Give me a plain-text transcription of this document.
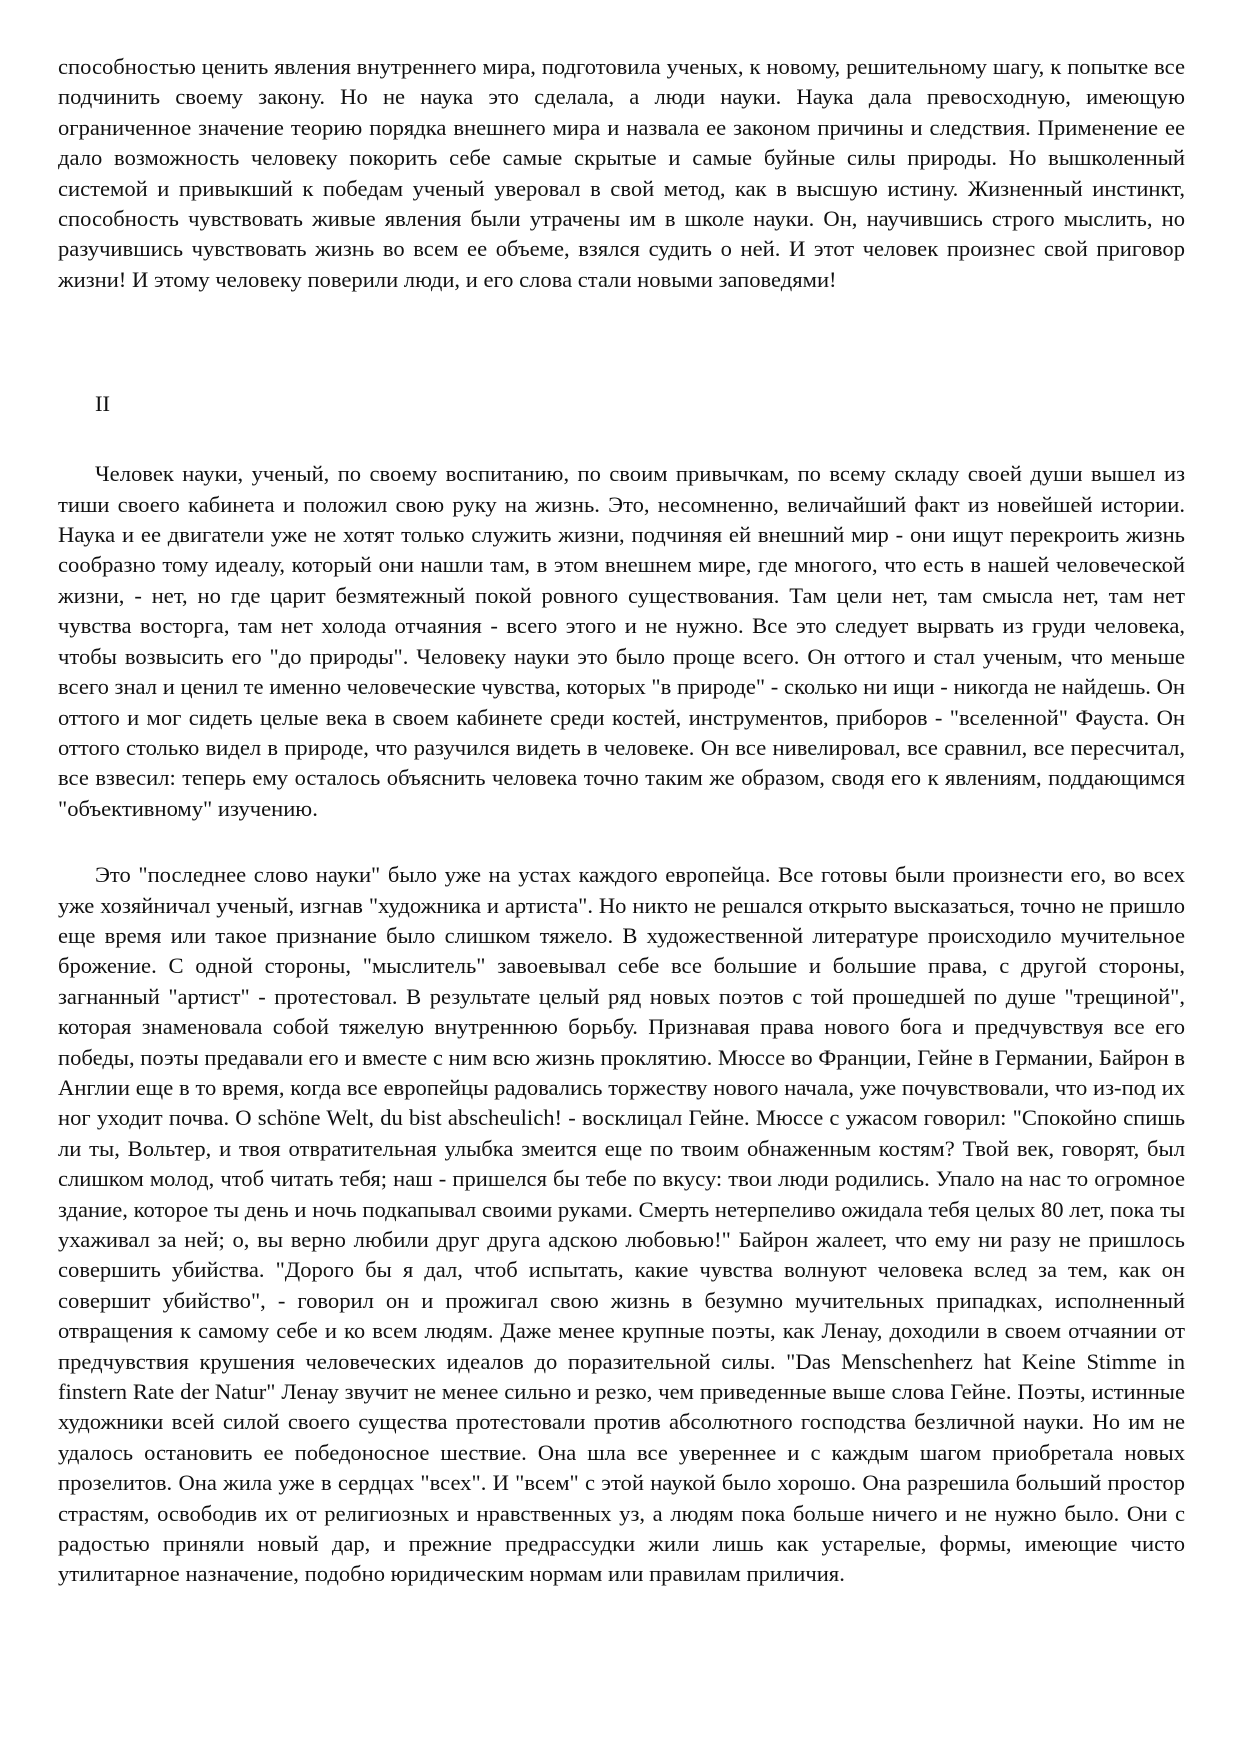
способностью ценить явления внутреннего мира, подготовила ученых, к новому, решительному шагу, к попытке все подчинить своему закону. Но не наука это сделала, а люди науки. Наука дала превосходную, имеющую ограниченное значение теорию порядка внешнего мира и назвала ее законом причины и следствия. Применение ее дало возможность человеку покорить себе самые скрытые и самые буйные силы природы. Но вышколенный системой и привыкший к победам ученый уверовал в свой метод, как в высшую истину. Жизненный инстинкт, способность чувствовать живые явления были утрачены им в школе науки. Он, научившись строго мыслить, но разучившись чувствовать жизнь во всем ее объеме, взялся судить о ней. И этот человек произнес свой приговор жизни! И этому человеку поверили люди, и его слова стали новыми заповедями!

II

Человек науки, ученый, по своему воспитанию, по своим привычкам, по всему складу своей души вышел из тиши своего кабинета и положил свою руку на жизнь. Это, несомненно, величайший факт из новейшей истории. Наука и ее двигатели уже не хотят только служить жизни, подчиняя ей внешний мир - они ищут перекроить жизнь сообразно тому идеалу, который они нашли там, в этом внешнем мире, где многого, что есть в нашей человеческой жизни, - нет, но где царит безмятежный покой ровного существования. Там цели нет, там смысла нет, там нет чувства восторга, там нет холода отчаяния - всего этого и не нужно. Все это следует вырвать из груди человека, чтобы возвысить его "до природы". Человеку науки это было проще всего. Он оттого и стал ученым, что меньше всего знал и ценил те именно человеческие чувства, которых "в природе" - сколько ни ищи - никогда не найдешь. Он оттого и мог сидеть целые века в своем кабинете среди костей, инструментов, приборов - "вселенной" Фауста. Он оттого столько видел в природе, что разучился видеть в человеке. Он все нивелировал, все сравнил, все пересчитал, все взвесил: теперь ему осталось объяснить человека точно таким же образом, сводя его к явлениям, поддающимся "объективному" изучению.

Это "последнее слово науки" было уже на устах каждого европейца. Все готовы были произнести его, во всех уже хозяйничал ученый, изгнав "художника и артиста". Но никто не решался открыто высказаться, точно не пришло еще время или такое признание было слишком тяжело. В художественной литературе происходило мучительное брожение. С одной стороны, "мыслитель" завоевывал себе все большие и большие права, с другой стороны, загнанный "артист" - протестовал. В результате целый ряд новых поэтов с той прошедшей по душе "трещиной", которая знаменовала собой тяжелую внутреннюю борьбу. Признавая права нового бога и предчувствуя все его победы, поэты предавали его и вместе с ним всю жизнь проклятию. Мюссе во Франции, Гейне в Германии, Байрон в Англии еще в то время, когда все европейцы радовались торжеству нового начала, уже почувствовали, что из-под их ног уходит почва. O schöne Welt, du bist abscheulich! - восклицал Гейне. Мюссе с ужасом говорил: "Спокойно спишь ли ты, Вольтер, и твоя отвратительная улыбка змеится еще по твоим обнаженным костям? Твой век, говорят, был слишком молод, чтоб читать тебя; наш - пришелся бы тебе по вкусу: твои люди родились. Упало на нас то огромное здание, которое ты день и ночь подкапывал своими руками. Смерть нетерпеливо ожидала тебя целых 80 лет, пока ты ухаживал за ней; о, вы верно любили друг друга адскою любовью!" Байрон жалеет, что ему ни разу не пришлось совершить убийства. "Дорого бы я дал, чтоб испытать, какие чувства волнуют человека вслед за тем, как он совершит убийство", - говорил он и прожигал свою жизнь в безумно мучительных припадках, исполненный отвращения к самому себе и ко всем людям. Даже менее крупные поэты, как Ленау, доходили в своем отчаянии от предчувствия крушения человеческих идеалов до поразительной силы. "Das Menschenherz hat Keine Stimme in finstern Rate der Natur" Ленау звучит не менее сильно и резко, чем приведенные выше слова Гейне. Поэты, истинные художники всей силой своего существа протестовали против абсолютного господства безличной науки. Но им не удалось остановить ее победоносное шествие. Она шла все увереннее и с каждым шагом приобретала новых прозелитов. Она жила уже в сердцах "всех". И "всем" с этой наукой было хорошо. Она разрешила больший простор страстям, освободив их от религиозных и нравственных уз, а людям пока больше ничего и не нужно было. Они с радостью приняли новый дар, и прежние предрассудки жили лишь как устарелые, формы, имеющие чисто утилитарное назначение, подобно юридическим нормам или правилам приличия.
